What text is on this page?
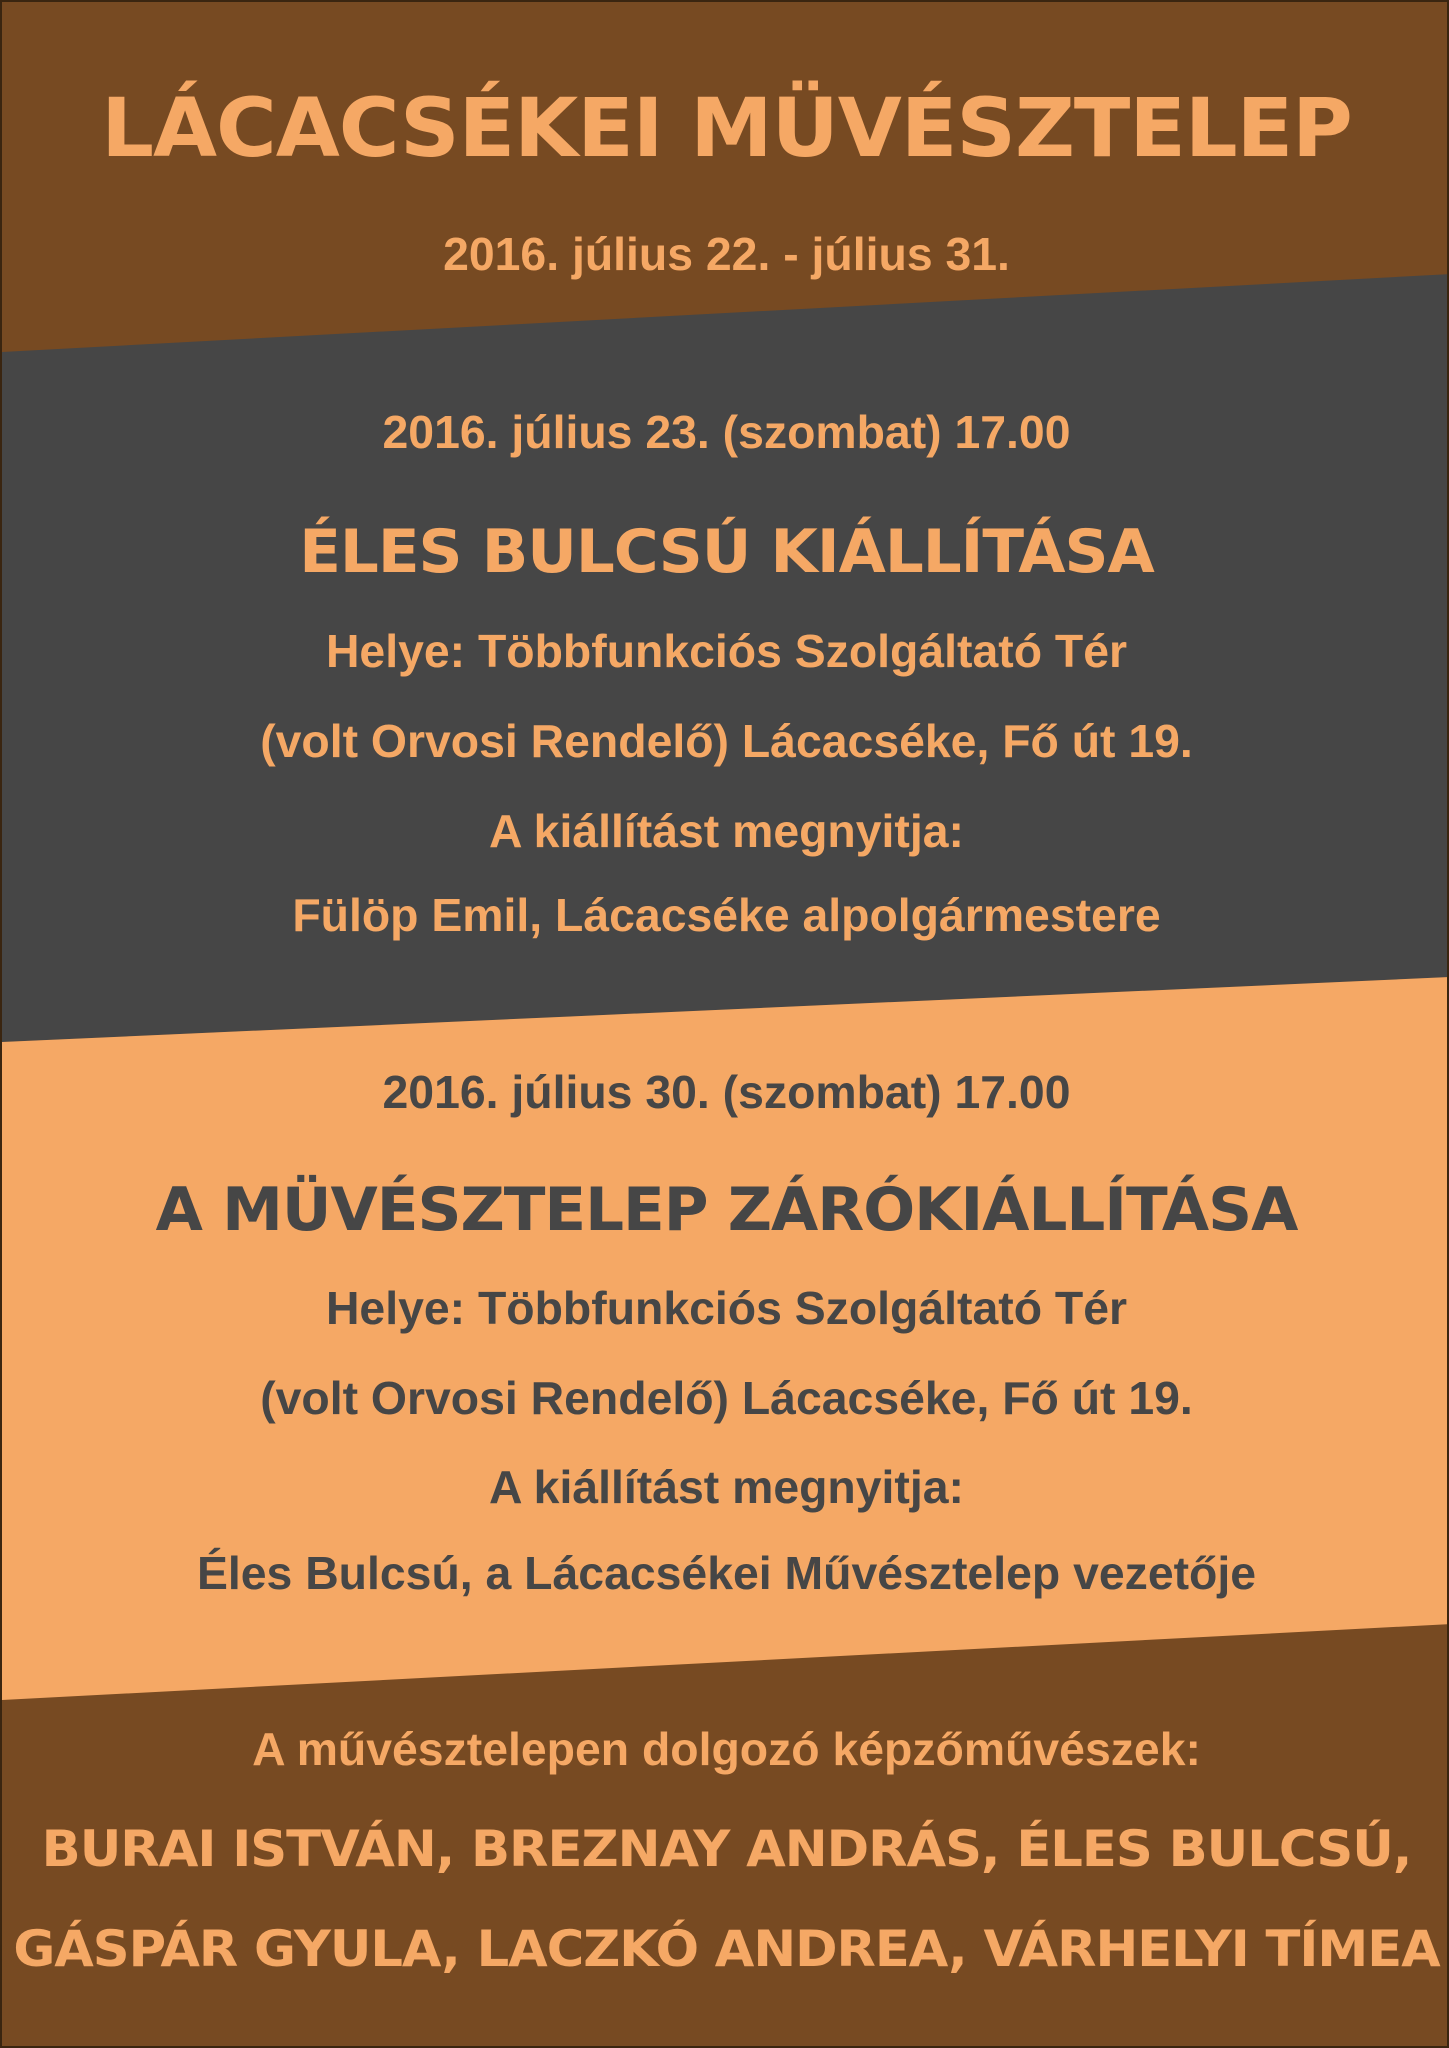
LÁCACSÉKEI MÜVÉSZTELEP
2016. július 22. - július 31.
2016. július 23. (szombat) 17.00
ÉLES BULCSÚ KIÁLLÍTÁSA
Helye: Többfunkciós Szolgáltató Tér
(volt Orvosi Rendelő) Lácacséke, Fő út 19.
A kiállítást megnyitja:
Fülöp Emil, Lácacséke alpolgármestere
2016. július 30. (szombat) 17.00
A MÜVÉSZTELEP ZÁRÓKIÁLLÍTÁSA
Helye: Többfunkciós Szolgáltató Tér
(volt Orvosi Rendelő) Lácacséke, Fő út 19.
A kiállítást megnyitja:
Éles Bulcsú, a Lácacsékei Művésztelep vezetője
A művésztelepen dolgozó képzőművészek:
BURAI ISTVÁN, BREZNAY ANDRÁS, ÉLES BULCSÚ,
GÁSPÁR GYULA, LACZKÓ ANDREA, VÁRHELYI TÍMEA
